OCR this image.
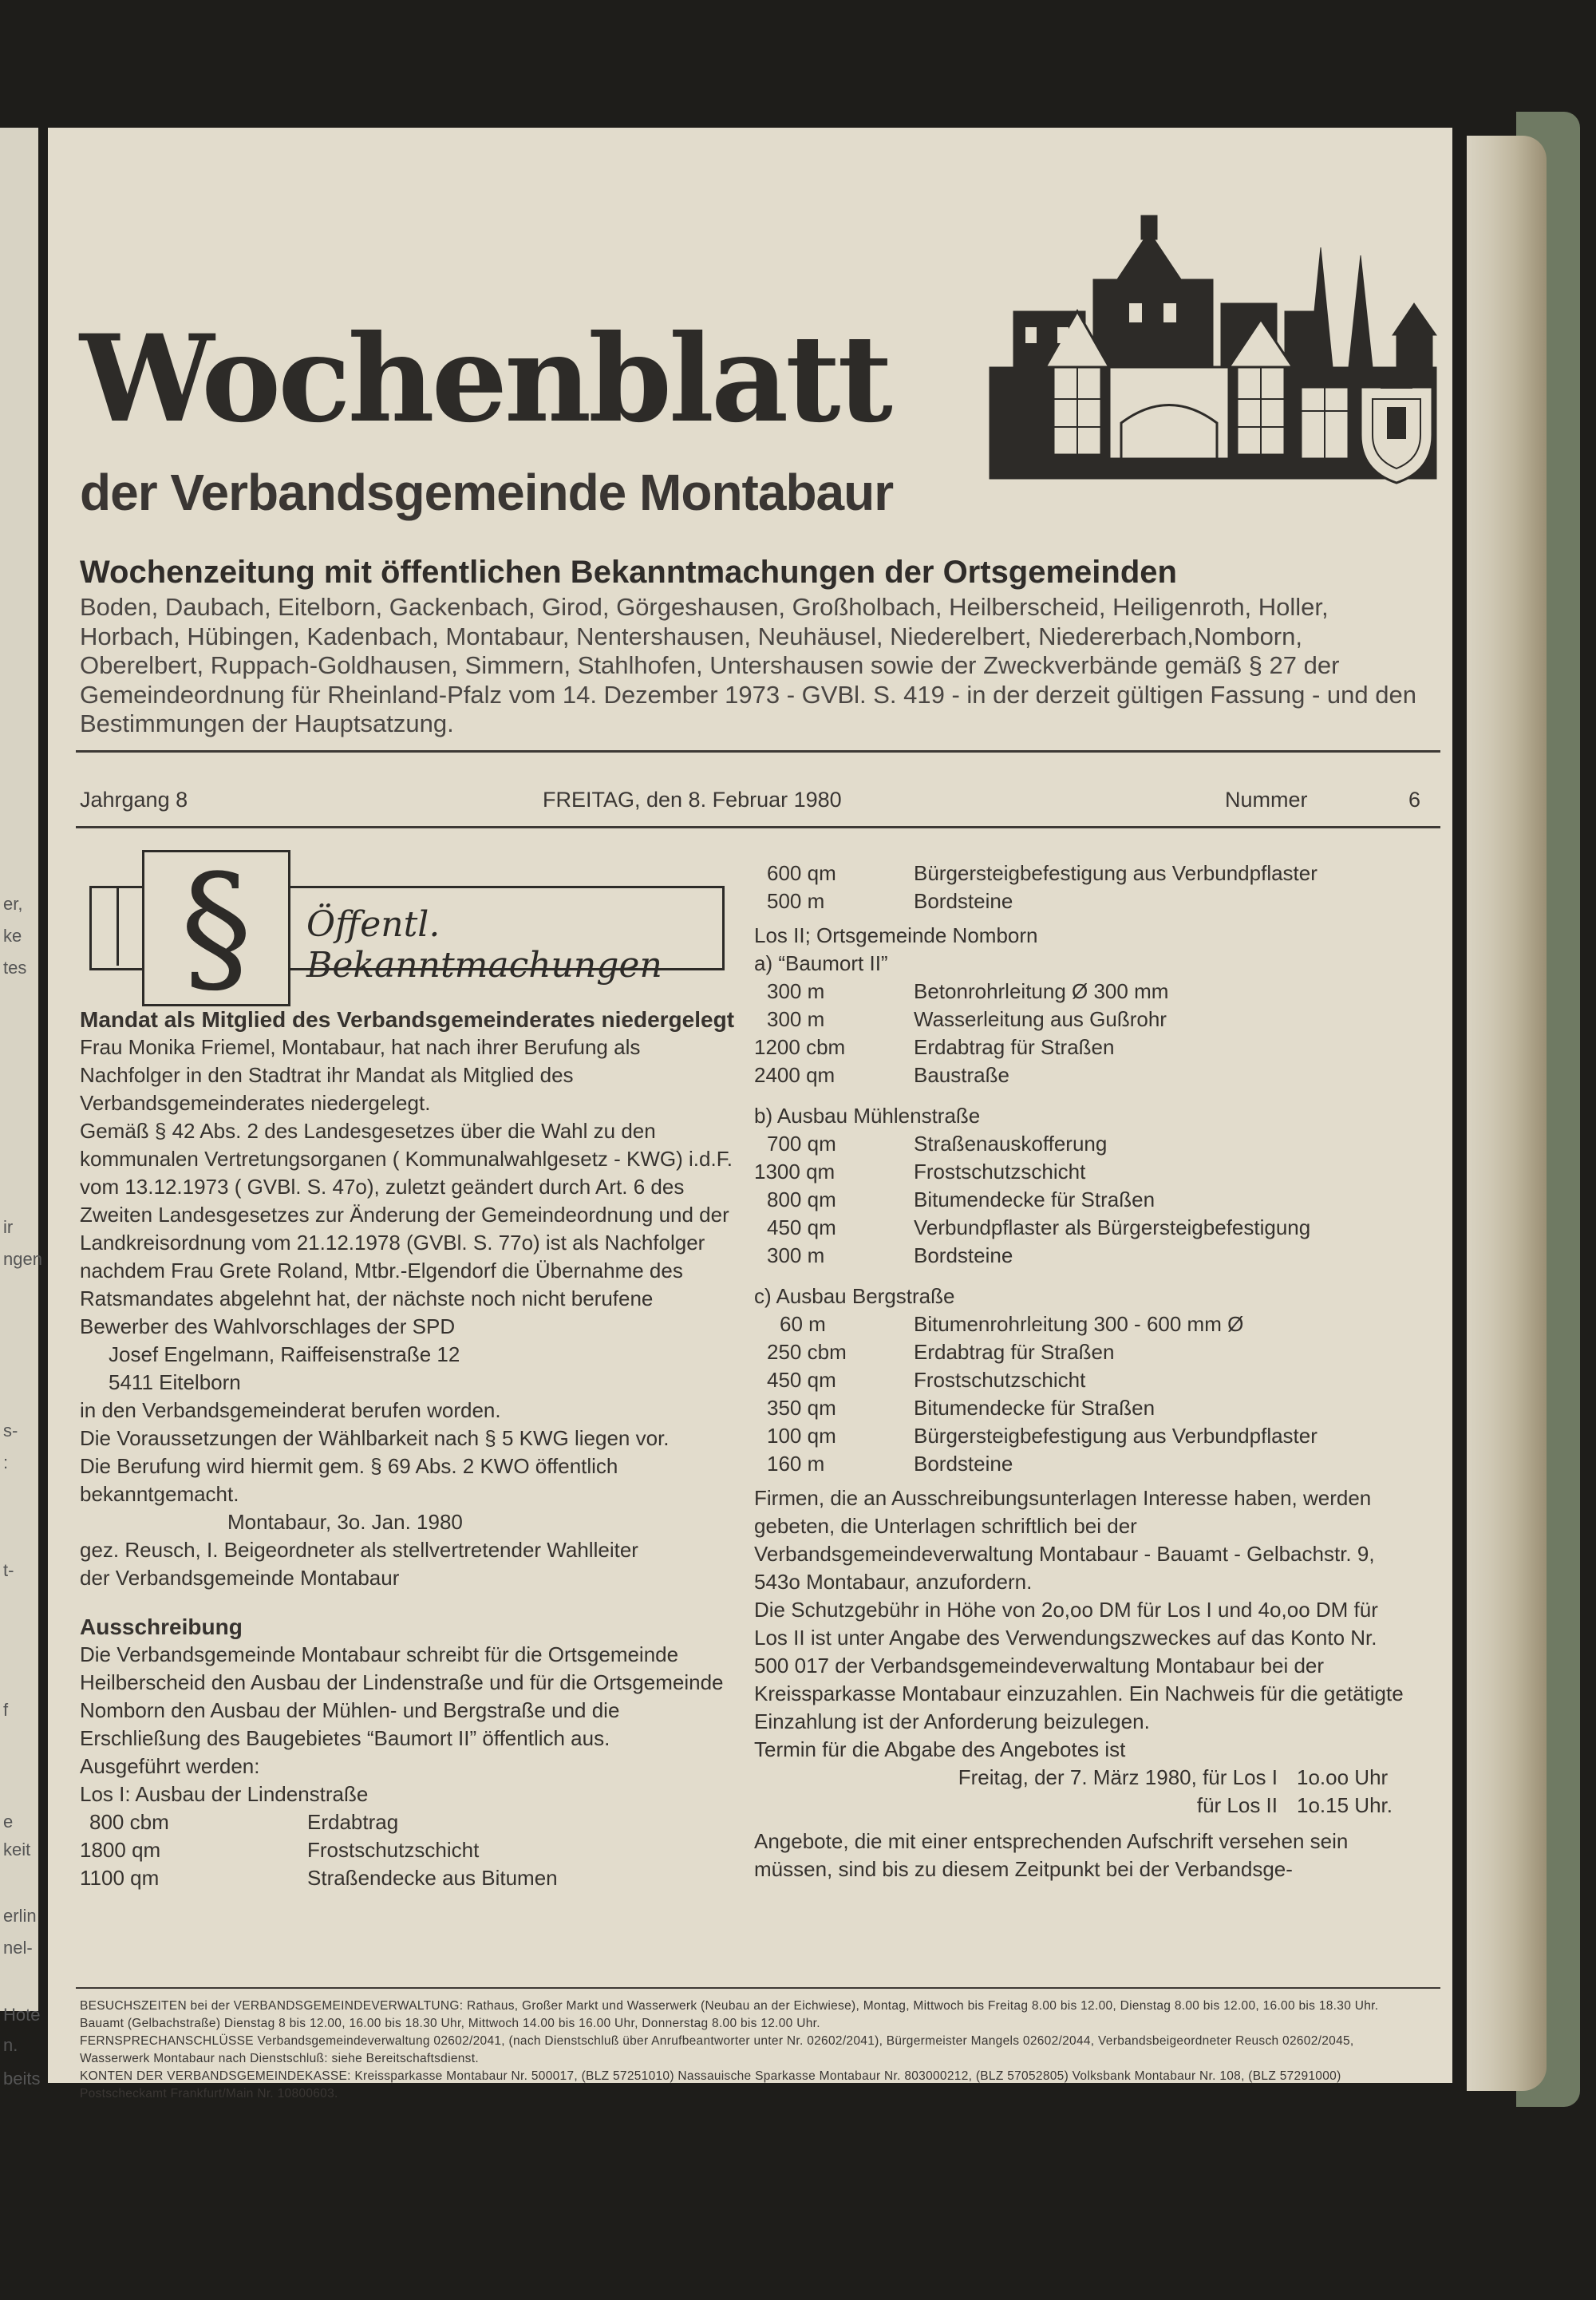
er,
ke
tes
ir
ngen
s-
:
t-
f
e
keit
erlin
nel-
Hote
n.
beits
Wochenblatt
der Verbandsgemeinde Montabaur
Wochenzeitung mit öffentlichen Bekanntmachungen der Ortsgemeinden
Boden, Daubach, Eitelborn, Gackenbach, Girod, Görgeshausen, Großholbach, Heilberscheid, Heiligenroth, Holler, Horbach, Hübingen, Kadenbach, Montabaur, Nentershausen, Neuhäusel, Niederelbert, Niedererbach,Nomborn, Oberelbert, Ruppach-Goldhausen, Simmern, Stahlhofen, Untershausen sowie der Zweckverbände gemäß § 27 der Gemeindeordnung für Rheinland-Pfalz vom 14. Dezember 1973 - GVBl. S. 419 - in der derzeit gültigen Fassung - und den Bestimmungen der Hauptsatzung.
Jahrgang 8	FREITAG, den 8. Februar 1980	Nummer	6
§ Öffentl. Bekanntmachungen

Mandat als Mitglied des Verbandsgemeinderates niedergelegt

Frau Monika Friemel, Montabaur, hat nach ihrer Berufung als Nachfolger in den Stadtrat ihr Mandat als Mitglied des Verbandsgemeinderates niedergelegt.

Gemäß § 42 Abs. 2 des Landesgesetzes über die Wahl zu den kommunalen Vertretungsorganen ( Kommunalwahlgesetz - KWG) i.d.F. vom 13.12.1973 ( GVBl. S. 47o), zuletzt geändert durch Art. 6 des Zweiten Landesgesetzes zur Änderung der Gemeindeordnung und der Landkreisordnung vom 21.12.1978 (GVBl. S. 77o) ist als Nachfolger nachdem Frau Grete Roland, Mtbr.-Elgendorf die Übernahme des Ratsmandates abgelehnt hat, der nächste noch nicht berufene Bewerber des Wahlvorschlages der SPD

Josef Engelmann, Raiffeisenstraße 12

5411 Eitelborn

in den Verbandsgemeinderat berufen worden.

Die Voraussetzungen der Wählbarkeit nach § 5 KWG liegen vor.

Die Berufung wird hiermit gem. § 69 Abs. 2 KWO öffentlich bekanntgemacht.

Montabaur, 3o. Jan. 1980

gez. Reusch, I. Beigeordneter als stellvertretender Wahlleiter

der Verbandsgemeinde Montabaur

Ausschreibung

Die Verbandsgemeinde Montabaur schreibt für die Ortsgemeinde Heilberscheid den Ausbau der Lindenstraße und für die Ortsgemeinde Nomborn den Ausbau der Mühlen- und Bergstraße und die Erschließung des Baugebietes “Baumort II” öffentlich aus.

Ausgeführt werden:

Los I: Ausbau der Lindenstraße

800 cbm	Erdabtrag
1800 qm	Frostschutzschicht
1100 qm	Straßendecke aus Bitumen
600 qm	Bürgersteigbefestigung aus Verbundpflaster
500 m	Bordsteine

Los II; Ortsgemeinde Nomborn

a) “Baumort II”

300 m	Betonrohrleitung Ø 300 mm
300 m	Wasserleitung aus Gußrohr
1200 cbm	Erdabtrag für Straßen
2400 qm	Baustraße

b) Ausbau Mühlenstraße

700 qm	Straßenauskofferung
1300 qm	Frostschutzschicht
800 qm	Bitumendecke für Straßen
450 qm	Verbundpflaster als Bürgersteigbefestigung
300 m	Bordsteine

c) Ausbau Bergstraße

60 m	Bitumenrohrleitung 300 - 600 mm Ø
250 cbm	Erdabtrag für Straßen
450 qm	Frostschutzschicht
350 qm	Bitumendecke für Straßen
100 qm	Bürgersteigbefestigung aus Verbundpflaster
160 m	Bordsteine

Firmen, die an Ausschreibungsunterlagen Interesse haben, werden gebeten, die Unterlagen schriftlich bei der Verbandsgemeindeverwaltung Montabaur - Bauamt - Gelbachstr. 9, 543o Montabaur, anzufordern.

Die Schutzgebühr in Höhe von 2o,oo DM für Los I und 4o,oo DM für Los II ist unter Angabe des Verwendungszweckes auf das Konto Nr. 500 017 der Verbandsgemeindeverwaltung Montabaur bei der Kreissparkasse Montabaur einzuzahlen. Ein Nachweis für die getätigte Einzahlung ist der Anforderung beizulegen.

Termin für die Abgabe des Angebotes ist

Freitag, der 7. März 1980, für Los I 1o.oo Uhr
für Los II 1o.15 Uhr.

Angebote, die mit einer entsprechenden Aufschrift versehen sein müssen, sind bis zu diesem Zeitpunkt bei der Verbandsge-

BESUCHSZEITEN bei der VERBANDSGEMEINDEVERWALTUNG: Rathaus, Großer Markt und Wasserwerk (Neubau an der Eichwiese), Montag, Mittwoch bis Freitag 8.00 bis 12.00, Dienstag 8.00 bis 12.00, 16.00 bis 18.30 Uhr. Bauamt (Gelbachstraße) Dienstag 8 bis 12.00, 16.00 bis 18.30 Uhr, Mittwoch 14.00 bis 16.00 Uhr, Donnerstag 8.00 bis 12.00 Uhr.
FERNSPRECHANSCHLÜSSE Verbandsgemeindeverwaltung 02602/2041, (nach Dienstschluß über Anrufbeantworter unter Nr. 02602/2041), Bürgermeister Mangels 02602/2044, Verbandsbeigeordneter Reusch 02602/2045, Wasserwerk Montabaur nach Dienstschluß: siehe Bereitschaftsdienst.
KONTEN DER VERBANDSGEMEINDEKASSE: Kreissparkasse Montabaur Nr. 500017, (BLZ 57251010) Nassauische Sparkasse Montabaur Nr. 803000212, (BLZ 57052805) Volksbank Montabaur Nr. 108, (BLZ 57291000) Postscheckamt Frankfurt/Main Nr. 10800603.
